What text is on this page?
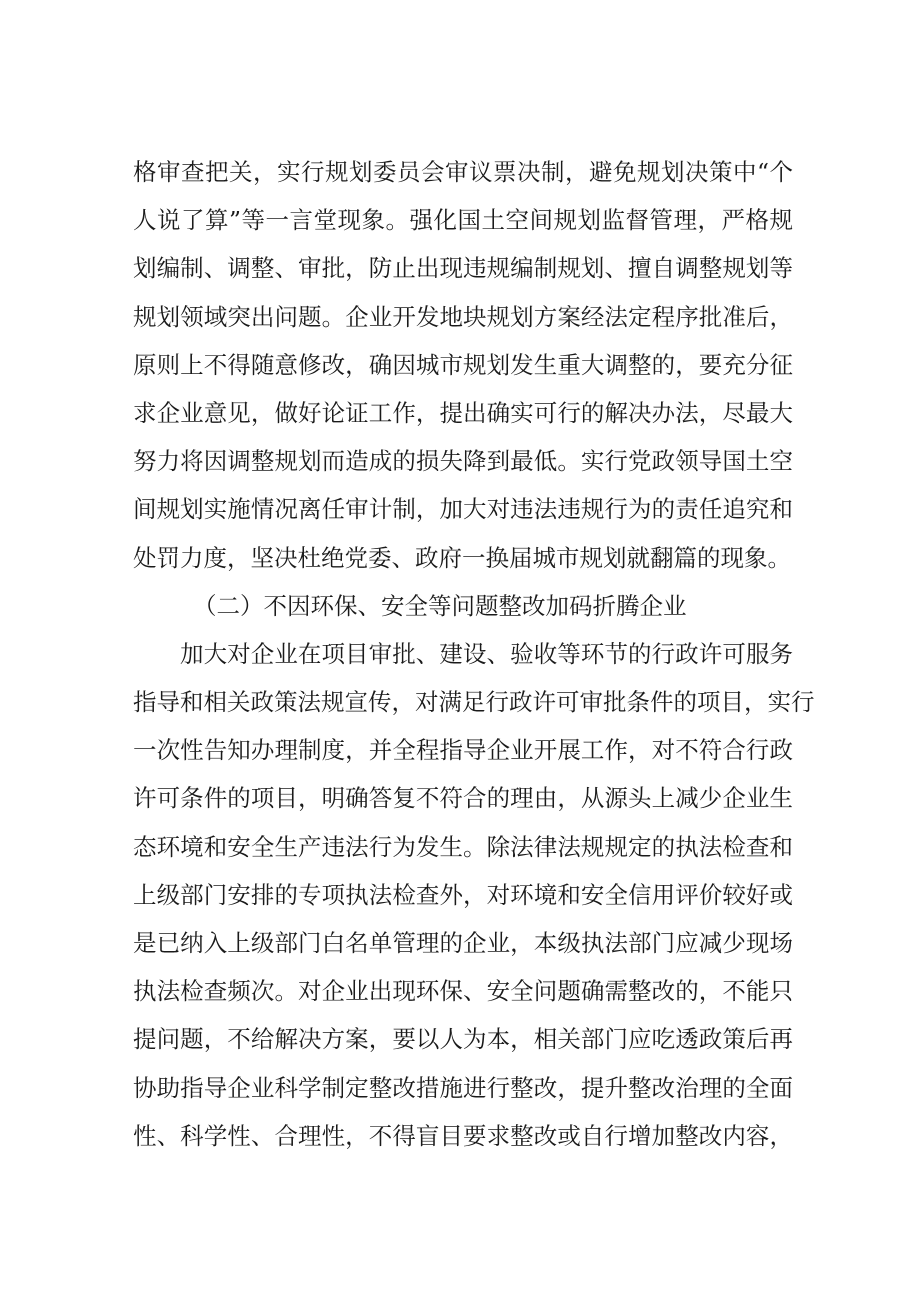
格审查把关，实行规划委员会审议票决制，避免规划决策中“个
人说了算”等一言堂现象。强化国土空间规划监督管理，严格规
划编制、调整、审批，防止出现违规编制规划、擅自调整规划等
规划领域突出问题。企业开发地块规划方案经法定程序批准后，
原则上不得随意修改，确因城市规划发生重大调整的，要充分征
求企业意见，做好论证工作，提出确实可行的解决办法，尽最大
努力将因调整规划而造成的损失降到最低。实行党政领导国土空
间规划实施情况离任审计制，加大对违法违规行为的责任追究和
处罚力度，坚决杜绝党委、政府一换届城市规划就翻篇的现象。
（二）不因环保、安全等问题整改加码折腾企业
加大对企业在项目审批、建设、验收等环节的行政许可服务
指导和相关政策法规宣传，对满足行政许可审批条件的项目，实行
一次性告知办理制度，并全程指导企业开展工作，对不符合行政
许可条件的项目，明确答复不符合的理由，从源头上减少企业生
态环境和安全生产违法行为发生。除法律法规规定的执法检查和
上级部门安排的专项执法检查外，对环境和安全信用评价较好或
是已纳入上级部门白名单管理的企业，本级执法部门应减少现场
执法检查频次。对企业出现环保、安全问题确需整改的，不能只
提问题，不给解决方案，要以人为本，相关部门应吃透政策后再
协助指导企业科学制定整改措施进行整改，提升整改治理的全面
性、科学性、合理性，不得盲目要求整改或自行增加整改内容，
